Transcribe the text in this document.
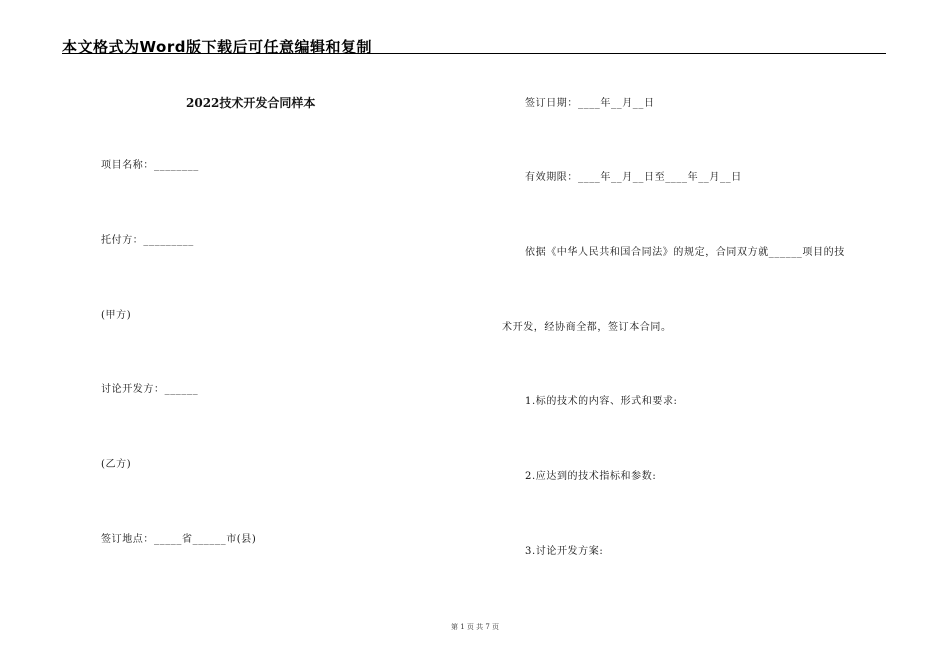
本文格式为Word版下载后可任意编辑和复制
2022技术开发合同样本
项目名称：________
托付方：_________
(甲方)
讨论开发方：______
(乙方)
签订地点：_____省______市(县)
签订日期：____年__月__日
有效期限：____年__月__日至____年__月__日
依据《中华人民共和国合同法》的规定，合同双方就______项目的技
术开发，经协商全都，签订本合同。
1.标的技术的内容、形式和要求:
2.应达到的技术指标和参数:
3.讨论开发方案:
第 1 页 共 7 页
